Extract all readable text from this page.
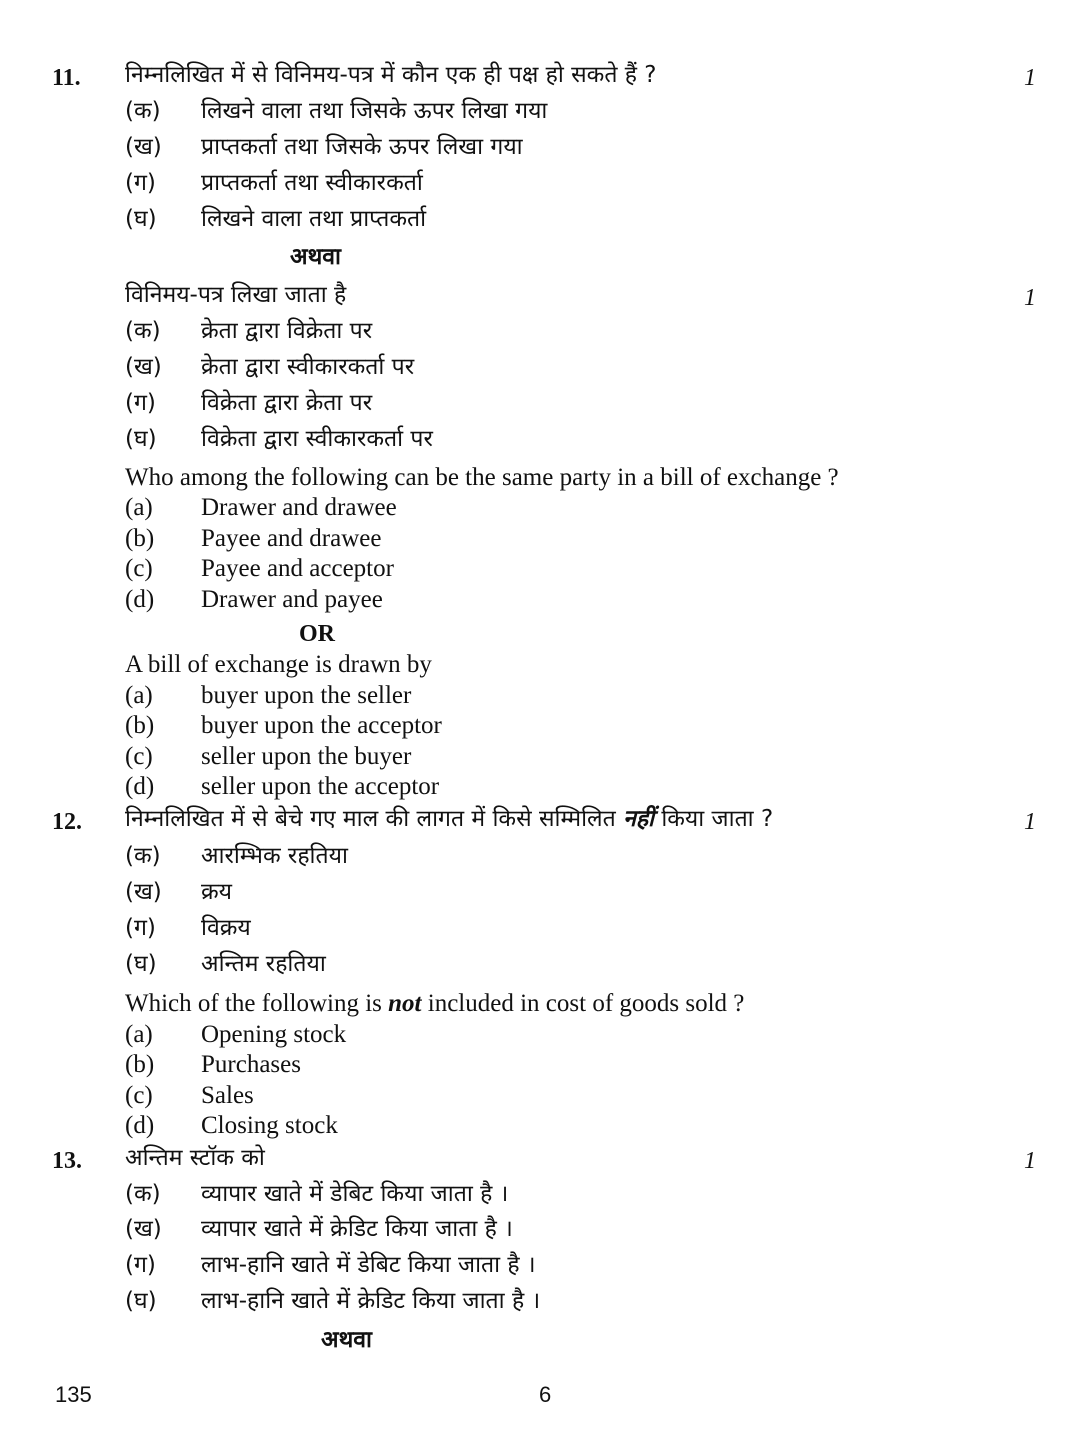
11. निम्नलिखित में से विनिमय-पत्र में कौन एक ही पक्ष हो सकते हैं ?	1
(क) लिखने वाला तथा जिसके ऊपर लिखा गया
(ख) प्राप्तकर्ता तथा जिसके ऊपर लिखा गया
(ग) प्राप्तकर्ता तथा स्वीकारकर्ता
(घ) लिखने वाला तथा प्राप्तकर्ता
अथवा
विनिमय-पत्र लिखा जाता है	1
(क) क्रेता द्वारा विक्रेता पर
(ख) क्रेता द्वारा स्वीकारकर्ता पर
(ग) विक्रेता द्वारा क्रेता पर
(घ) विक्रेता द्वारा स्वीकारकर्ता पर
Who among the following can be the same party in a bill of exchange ?
(a) Drawer and drawee
(b) Payee and drawee
(c) Payee and acceptor
(d) Drawer and payee
OR
A bill of exchange is drawn by
(a) buyer upon the seller
(b) buyer upon the acceptor
(c) seller upon the buyer
(d) seller upon the acceptor
12. निम्नलिखित में से बेचे गए माल की लागत में किसे सम्मिलित नहीं किया जाता ?	1
(क) आरम्भिक रहतिया
(ख) क्रय
(ग) विक्रय
(घ) अन्तिम रहतिया
Which of the following is not included in cost of goods sold ?
(a) Opening stock
(b) Purchases
(c) Sales
(d) Closing stock
13. अन्तिम स्टॉक को	1
(क) व्यापार खाते में डेबिट किया जाता है ।
(ख) व्यापार खाते में क्रेडिट किया जाता है ।
(ग) लाभ-हानि खाते में डेबिट किया जाता है ।
(घ) लाभ-हानि खाते में क्रेडिट किया जाता है ।
अथवा
135	6
